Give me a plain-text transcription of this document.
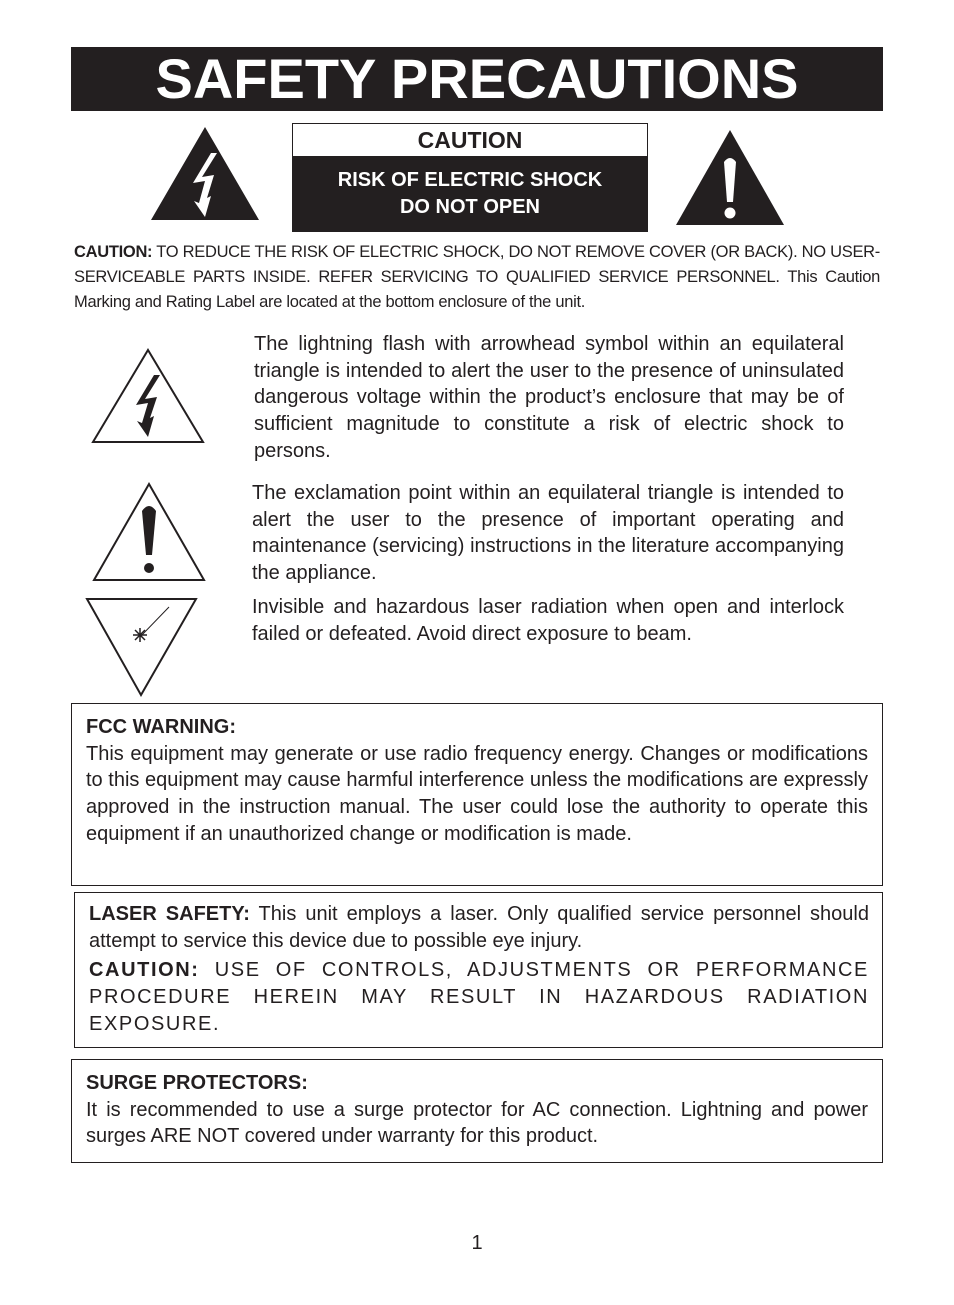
SAFETY PRECAUTIONS
CAUTION
RISK OF ELECTRIC SHOCK
DO NOT OPEN
CAUTION: TO REDUCE THE RISK OF ELECTRIC SHOCK, DO NOT REMOVE COVER (OR BACK). NO USER-SERVICEABLE PARTS INSIDE. REFER SERVICING TO QUALIFIED SERVICE PERSONNEL. This Caution Marking and Rating Label are located at the bottom enclosure of the unit.
The lightning flash with arrowhead symbol within an equilateral triangle is intended to alert the user to the presence of uninsulated dangerous voltage within the product’s enclosure that may be of sufficient magnitude to constitute a risk of electric shock to persons.
The exclamation point within an equilateral triangle is intended to alert the user to the presence of important operating and maintenance (servicing) instructions in the literature accompanying the appliance.
Invisible and hazardous laser radiation when open and interlock failed or defeated. Avoid direct exposure to beam.
FCC WARNING:
This equipment may generate or use radio frequency energy. Changes or modifications to this equipment may cause harmful interference unless the modifications are expressly approved in the instruction manual. The user could lose the authority to operate this equipment if an unauthorized change or modification is made.
LASER SAFETY: This unit employs a laser. Only qualified service personnel should attempt to service this device due to possible eye injury.
CAUTION: USE OF CONTROLS, ADJUSTMENTS OR PERFORMANCE PROCEDURE HEREIN MAY RESULT IN HAZARDOUS RADIATION EXPOSURE.
SURGE PROTECTORS:
It is recommended to use a surge protector for AC connection. Lightning and power surges ARE NOT covered under warranty for this product.
1
